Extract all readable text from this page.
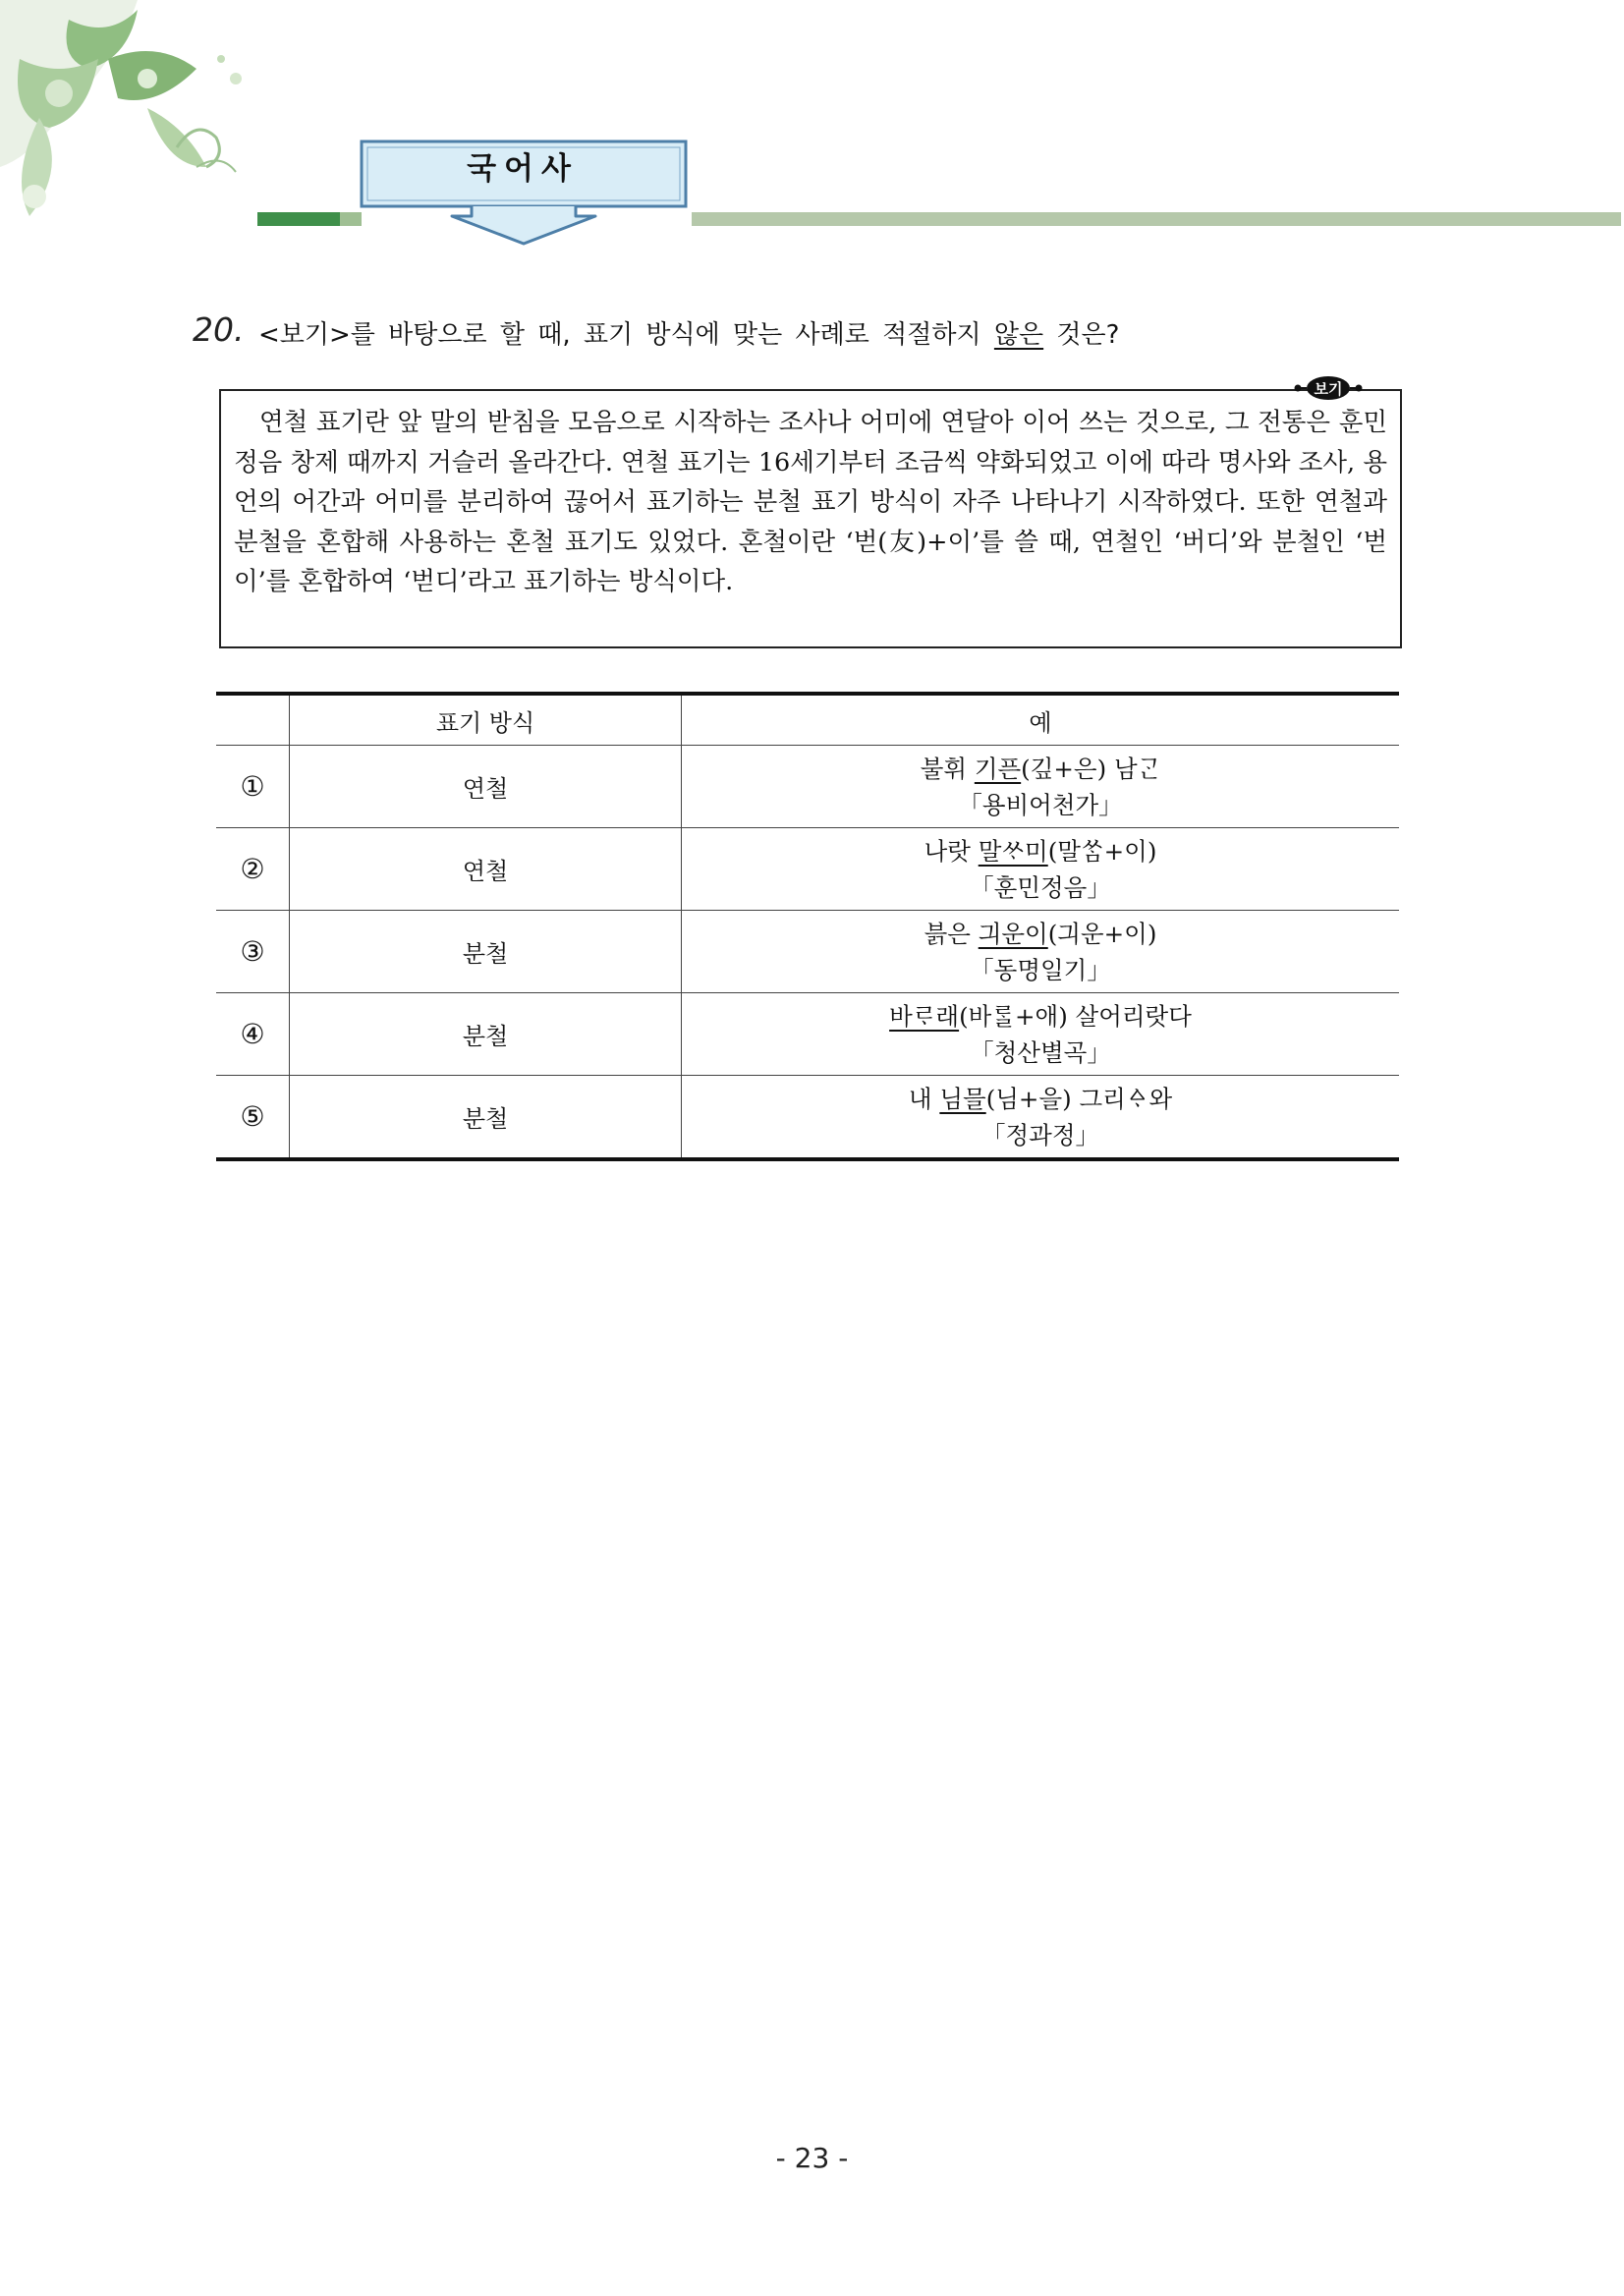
국어사
20. <보기>를 바탕으로 할 때, 표기 방식에 맞는 사례로 적절하지 않은 것은?
보기

연철 표기란 앞 말의 받침을 모음으로 시작하는 조사나 어미에 연달아 이어 쓰는 것으로, 그 전통은 훈민정음 창제 때까지 거슬러 올라간다. 연철 표기는 16세기부터 조금씩 약화되었고 이에 따라 명사와 조사, 용언의 어간과 어미를 분리하여 끊어서 표기하는 분철 표기 방식이 자주 나타나기 시작하였다. 또한 연철과 분철을 혼합해 사용하는 혼철 표기도 있었다. 혼철이란 ‘벋(友)+이’를 쓸 때, 연철인 ‘버디’와 분철인 ‘벋이’를 혼합하여 ‘벋디’라고 표기하는 방식이다.

	표기 방식	예
①	연철	불휘 기픈(깊+은) 남ᄀᆞᆫ
「용비어천가」

②	연철	나랏 말ᄊᆞ미(말ᄊᆞᆷ+이)
「훈민정음」

③	분철	븕은 긔운이(긔운+이)
「동명일기」

④	분철	바ᄅᆞ래(바ᄅᆞᆯ+애) 살어리랏다
「청산별곡」

⑤	분철	내 님믈(님+을) 그리ᅀᆞ와
「정과정」
- 23 -
